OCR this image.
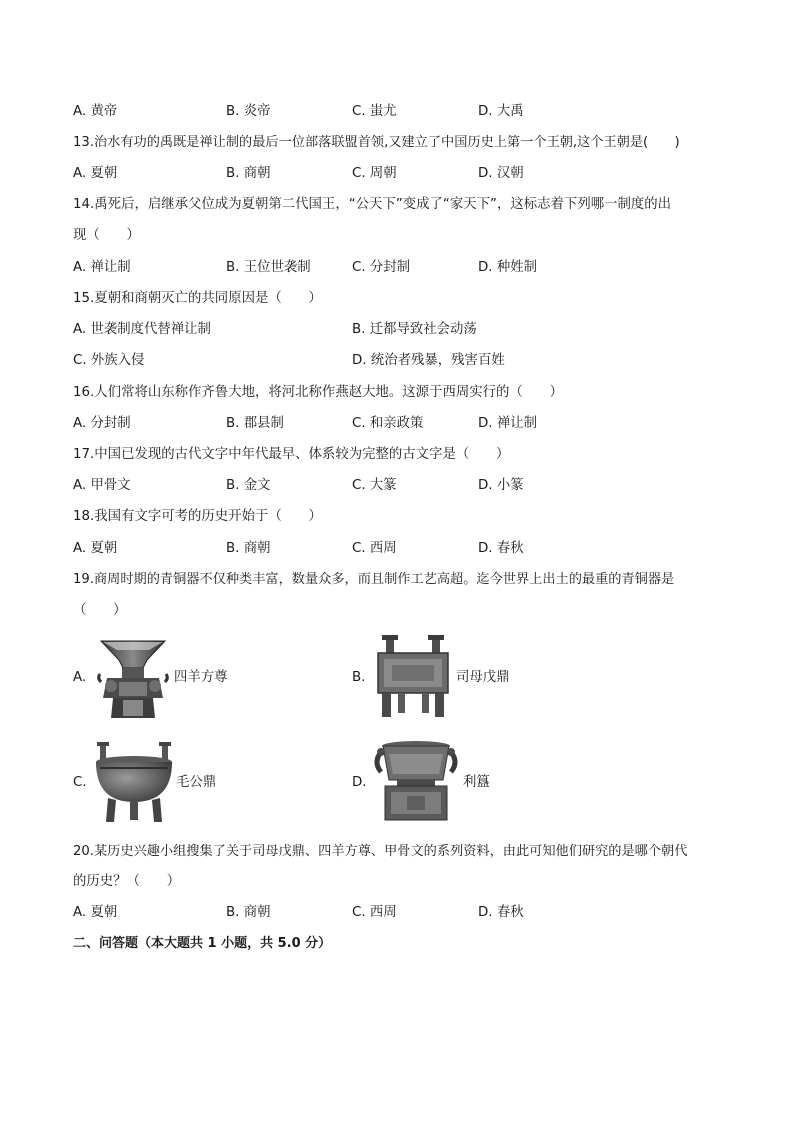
A. 黄帝	B. 炎帝	C. 蚩尤	D. 大禹
13.治水有功的禹既是禅让制的最后一位部落联盟首领,又建立了中国历史上第一个王朝,这个王朝是(　　)
A. 夏朝	B. 商朝	C. 周朝	D. 汉朝
14.禹死后，启继承父位成为夏朝第二代国王，“公天下”变成了“家天下”，这标志着下列哪一制度的出
现（　　）
A. 禅让制	B. 王位世袭制	C. 分封制	D. 种姓制
15.夏朝和商朝灭亡的共同原因是（　　）
A. 世袭制度代替禅让制	B. 迁都导致社会动荡
C. 外族入侵	D. 统治者残暴，残害百姓
16.人们常将山东称作齐鲁大地，将河北称作燕赵大地。这源于西周实行的（　　）
A. 分封制	B. 郡县制	C. 和亲政策	D. 禅让制
17.中国已发现的古代文字中年代最早、体系较为完整的古文字是（　　）
A. 甲骨文	B. 金文	C. 大篆	D. 小篆
18.我国有文字可考的历史开始于（　　）
A. 夏朝	B. 商朝	C. 西周	D. 春秋
19.商周时期的青铜器不仅种类丰富，数量众多，而且制作工艺高超。迄今世界上出土的最重的青铜器是
（　　）
A.	四羊方尊	B.	司母戊鼎
C.	毛公鼎	D.	利簋
20.某历史兴趣小组搜集了关于司母戊鼎、四羊方尊、甲骨文的系列资料，由此可知他们研究的是哪个朝代
的历史？（　　）
A. 夏朝	B. 商朝	C. 西周	D. 春秋
二、问答题（本大题共 1 小题，共 5.0 分）
